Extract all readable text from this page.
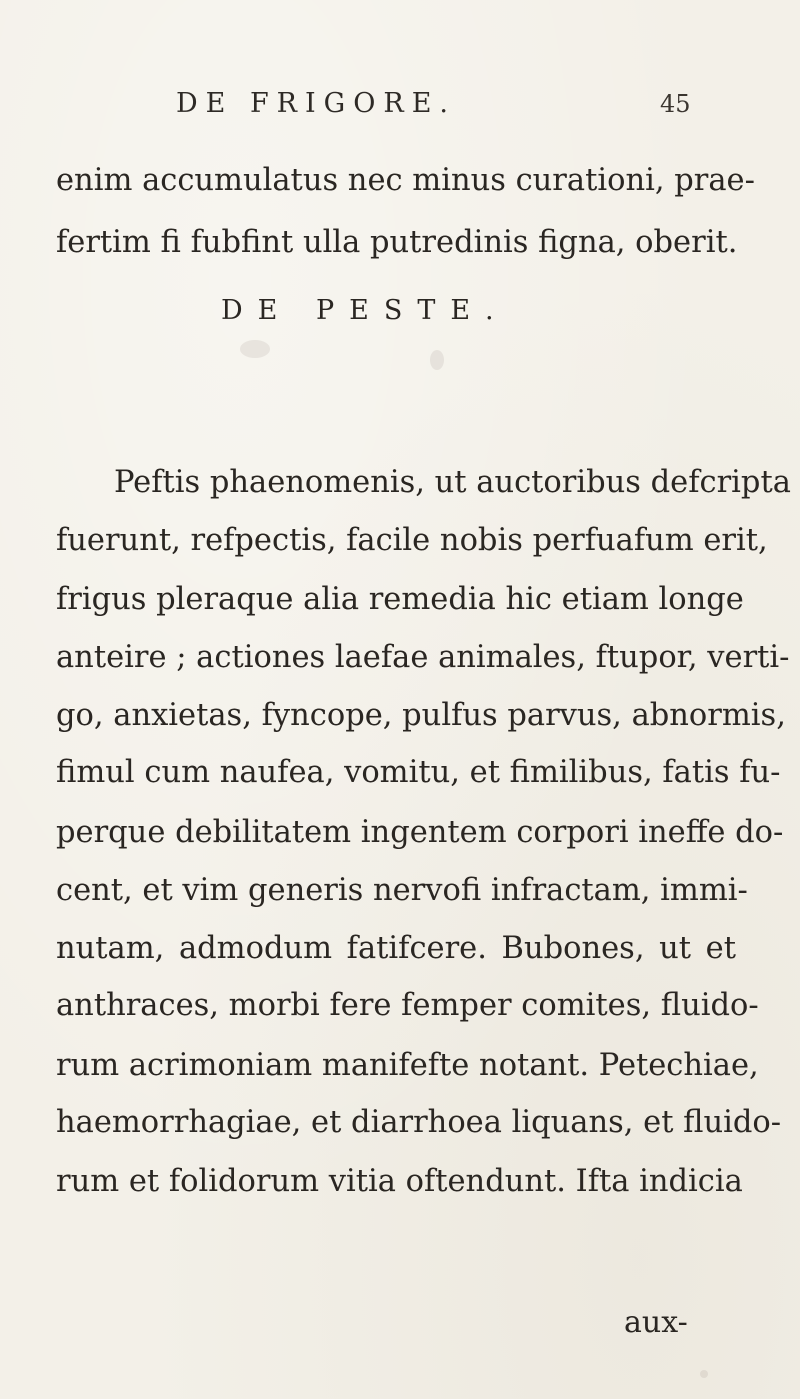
DE FRIGORE.	45
enim accumulatus nec minus curationi, prae-
fertim fi fubfint ulla putredinis figna, oberit.
DE PESTE.
Peftis phaenomenis, ut auctoribus defcripta
fuerunt, refpectis, facile nobis perfuafum erit,
frigus pleraque alia remedia hic etiam longe
anteire ; actiones laefae animales, ftupor, verti-
go, anxietas, fyncope, pulfus parvus, abnormis,
fimul cum naufea, vomitu, et fimilibus, fatis fu-
perque debilitatem ingentem corpori ineffe do-
cent, et vim generis nervofi infractam, immi-
nutam, admodum fatifcere. Bubones, ut et
anthraces, morbi fere femper comites, fluido-
rum acrimoniam manifefte notant. Petechiae,
haemorrhagiae, et diarrhoea liquans, et fluido-
rum et folidorum vitia oftendunt. Ifta indicia
aux-
